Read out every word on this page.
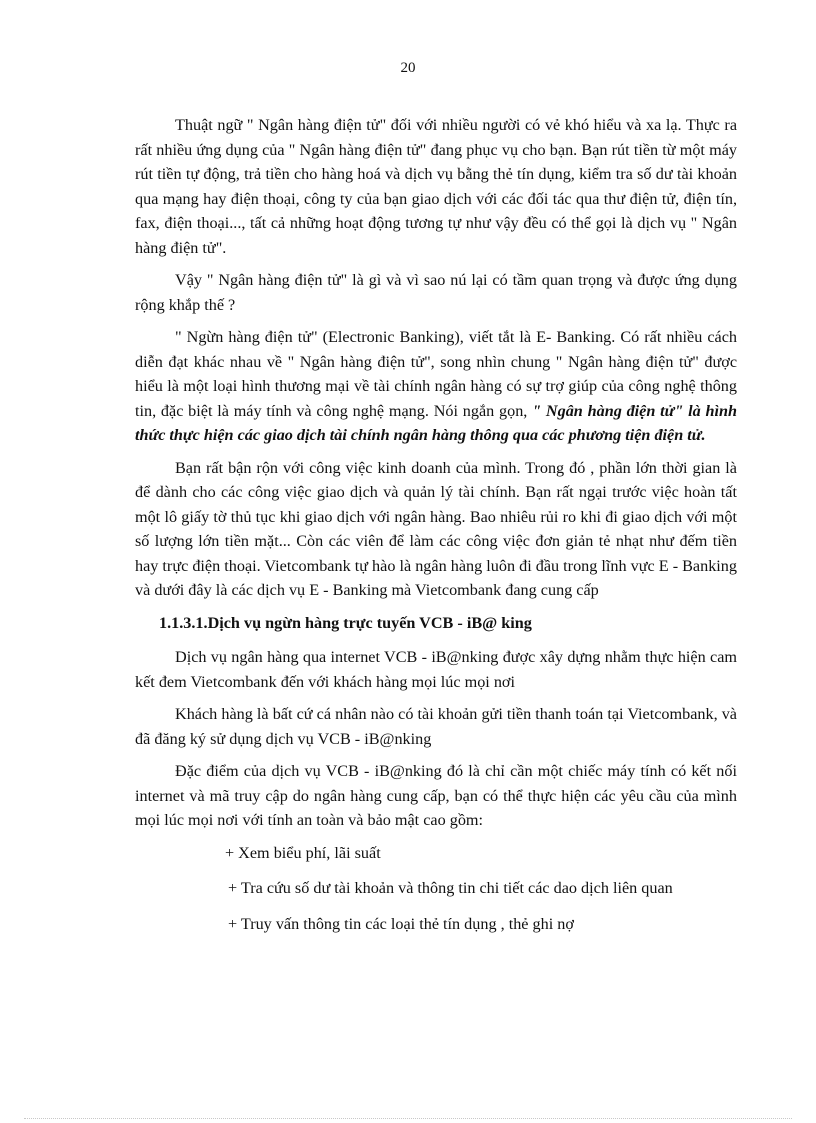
20

Thuật ngữ " Ngân hàng điện tử" đối với nhiều người có vẻ khó hiểu và xa lạ. Thực ra rất nhiều ứng dụng của " Ngân hàng điện tử" đang phục vụ cho bạn. Bạn rút tiền từ một máy rút tiền tự động, trả tiền cho hàng hoá và dịch vụ bằng thẻ tín dụng, kiểm tra số dư tài khoản qua mạng hay điện thoại, công ty của bạn giao dịch với các đối tác qua thư điện tử, điện tín, fax, điện thoại..., tất cả những hoạt động tương tự như vậy đều có thể gọi là dịch vụ " Ngân hàng điện tử".

Vậy " Ngân hàng điện tử" là gì và vì sao nú lại có tầm quan trọng và được ứng dụng rộng khắp thế ?

" Ngừn hàng điện tử" (Electronic Banking), viết tắt là E- Banking. Có rất nhiều cách diễn đạt khác nhau về " Ngân hàng điện tử", song nhìn chung " Ngân hàng điện tử" được hiểu là một loại hình thương mại về tài chính ngân hàng có sự trợ giúp của công nghệ thông tin, đặc biệt là máy tính và công nghệ mạng. Nói ngắn gọn, " Ngân hàng điện tử" là hình thức thực hiện các giao dịch tài chính ngân hàng thông qua các phương tiện điện tử.

Bạn rất bận rộn với công việc kinh doanh của mình. Trong đó , phần lớn thời gian là để dành cho các công việc giao dịch và quản lý tài chính. Bạn rất ngại trước việc hoàn tất một lô giấy tờ thủ tục khi giao dịch với ngân hàng. Bao nhiêu rủi ro khi đi giao dịch với một số lượng lớn tiền mặt... Còn các viên để làm các công việc đơn giản tẻ nhạt như đếm tiền hay trực điện thoại. Vietcombank tự hào là ngân hàng luôn đi đầu trong lĩnh vực E - Banking và dưới đây là các dịch vụ E - Banking mà Vietcombank đang cung cấp

1.1.3.1.Dịch vụ ngừn hàng trực tuyến VCB - iB@ king

Dịch vụ ngân hàng qua internet VCB - iB@nking được xây dựng nhằm thực hiện cam kết đem Vietcombank đến với khách hàng mọi lúc mọi nơi

Khách hàng là bất cứ cá nhân nào có tài khoản gửi tiền thanh toán tại Vietcombank, và đã đăng ký sử dụng dịch vụ VCB - iB@nking

Đặc điểm của dịch vụ VCB - iB@nking đó là chỉ cần một chiếc máy tính có kết nối internet và mã truy cập do ngân hàng cung cấp, bạn có thể thực hiện các yêu cầu của mình mọi lúc mọi nơi với tính an toàn và bảo mật cao gồm:

+ Xem biểu phí, lãi suất
+ Tra cứu số dư tài khoản và thông tin chi tiết các dao dịch liên quan
+ Truy vấn thông tin các loại thẻ tín dụng , thẻ ghi nợ
